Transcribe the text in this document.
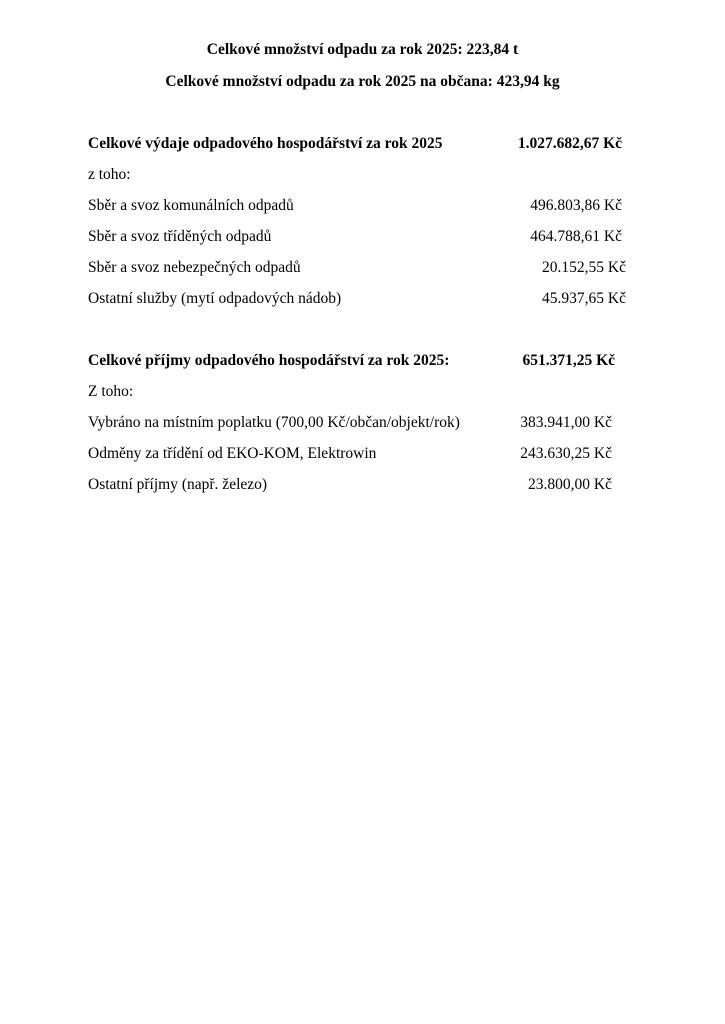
Celkové množství odpadu za rok 2025: 223,84 t
Celkové množství odpadu za rok 2025 na občana: 423,94 kg
Celkové výdaje odpadového hospodářství za rok 2025	1.027.682,67 Kč
z toho:
Sběr a svoz komunálních odpadů	496.803,86 Kč
Sběr a svoz tříděných odpadů	464.788,61 Kč
Sběr a svoz nebezpečných odpadů	20.152,55 Kč
Ostatní služby (mytí odpadových nádob)	45.937,65 Kč
Celkové příjmy odpadového hospodářství za rok 2025:	651.371,25 Kč
Z toho:
Vybráno na místním poplatku (700,00 Kč/občan/objekt/rok)	383.941,00 Kč
Odměny za třídění od EKO-KOM, Elektrowin	243.630,25 Kč
Ostatní příjmy (např. železo)	23.800,00 Kč
